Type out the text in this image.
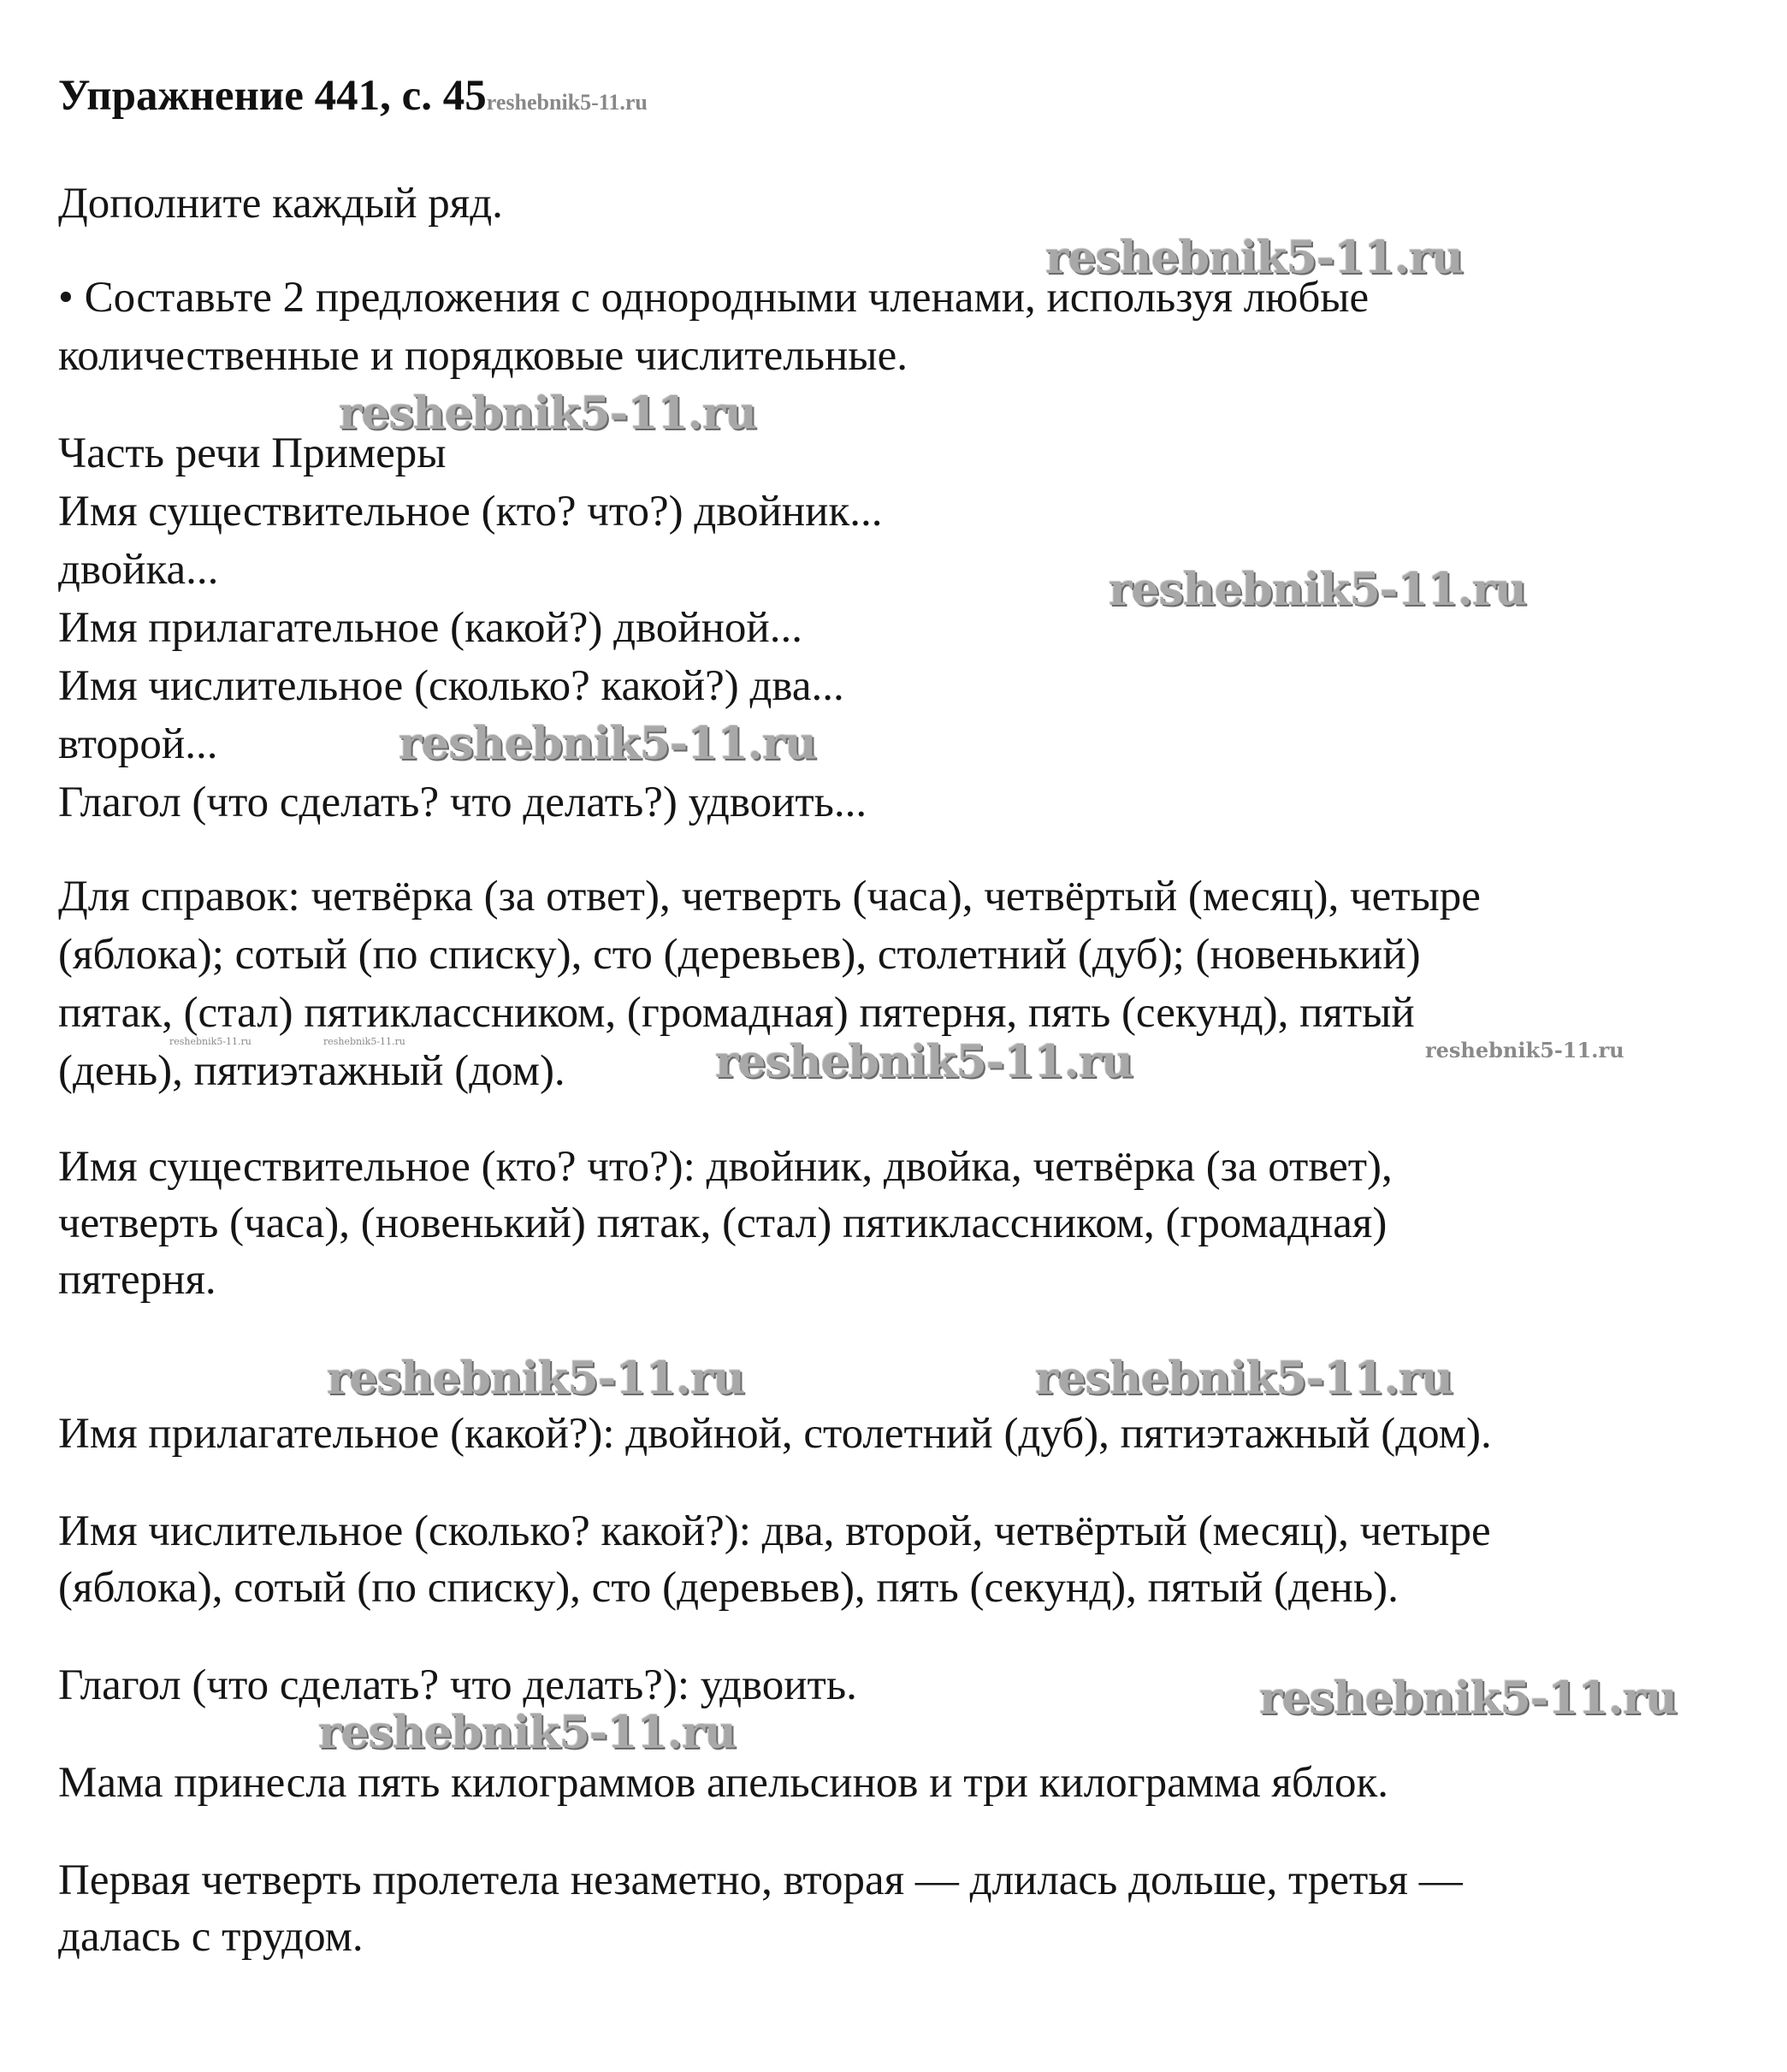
Упражнение 441, с. 45reshebnik5-11.ru
Дополните каждый ряд.
reshebnik5-11.ru
• Составьте 2 предложения с однородными членами, используя любые
количественные и порядковые числительные.
reshebnik5-11.ru
Часть речи Примеры
Имя существительное (кто? что?) двойник...
двойка...	reshebnik5-11.ru
Имя прилагательное (какой?) двойной...
Имя числительное (сколько? какой?) два...
второй...	reshebnik5-11.ru
Глагол (что сделать? что делать?) удвоить...
Для справок: четвёрка (за ответ), четверть (часа), четвёртый (месяц), четыре
(яблока); сотый (по списку), сто (деревьев), столетний (дуб); (новенький)
пятак, (стал) пятиклассником, (громадная) пятерня, пять (секунд), пятый
reshebnik5-11.ru	reshebnik5-11.ru
(день), пятиэтажный (дом).	reshebnik5-11.ru	reshebnik5-11.ru
Имя существительное (кто? что?): двойник, двойка, четвёрка (за ответ),
четверть (часа), (новенький) пятак, (стал) пятиклассником, (громадная)
пятерня.
reshebnik5-11.ru	reshebnik5-11.ru
Имя прилагательное (какой?): двойной, столетний (дуб), пятиэтажный (дом).
Имя числительное (сколько? какой?): два, второй, четвёртый (месяц), четыре
(яблока), сотый (по списку), сто (деревьев), пять (секунд), пятый (день).
Глагол (что сделать? что делать?): удвоить.	reshebnik5-11.ru
reshebnik5-11.ru
Мама принесла пять килограммов апельсинов и три килограмма яблок.
Первая четверть пролетела незаметно, вторая — длилась дольше, третья —
далась с трудом.
